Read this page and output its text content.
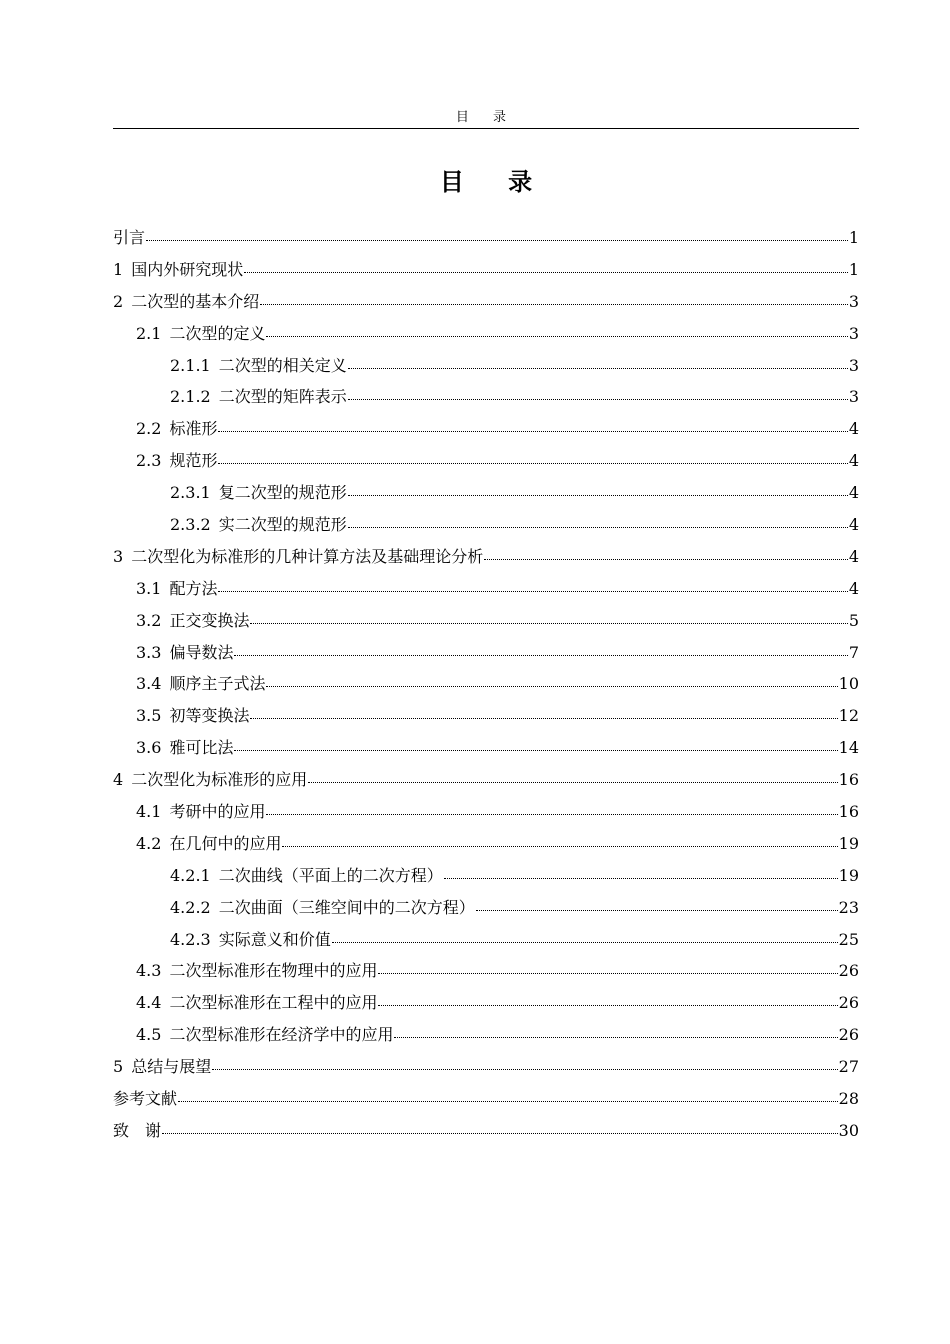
目 录
目 录
引言	1
1 国内外研究现状	1
2 二次型的基本介绍	3
2.1 二次型的定义	3
2.1.1 二次型的相关定义	3
2.1.2 二次型的矩阵表示	3
2.2 标准形	4
2.3 规范形	4
2.3.1 复二次型的规范形	4
2.3.2 实二次型的规范形	4
3 二次型化为标准形的几种计算方法及基础理论分析	4
3.1 配方法	4
3.2 正交变换法	5
3.3 偏导数法	7
3.4 顺序主子式法	10
3.5 初等变换法	12
3.6 雅可比法	14
4 二次型化为标准形的应用	16
4.1 考研中的应用	16
4.2 在几何中的应用	19
4.2.1 二次曲线（平面上的二次方程）	19
4.2.2 二次曲面（三维空间中的二次方程）	23
4.2.3 实际意义和价值	25
4.3 二次型标准形在物理中的应用	26
4.4 二次型标准形在工程中的应用	26
4.5 二次型标准形在经济学中的应用	26
5 总结与展望	27
参考文献	28
致　谢	30
